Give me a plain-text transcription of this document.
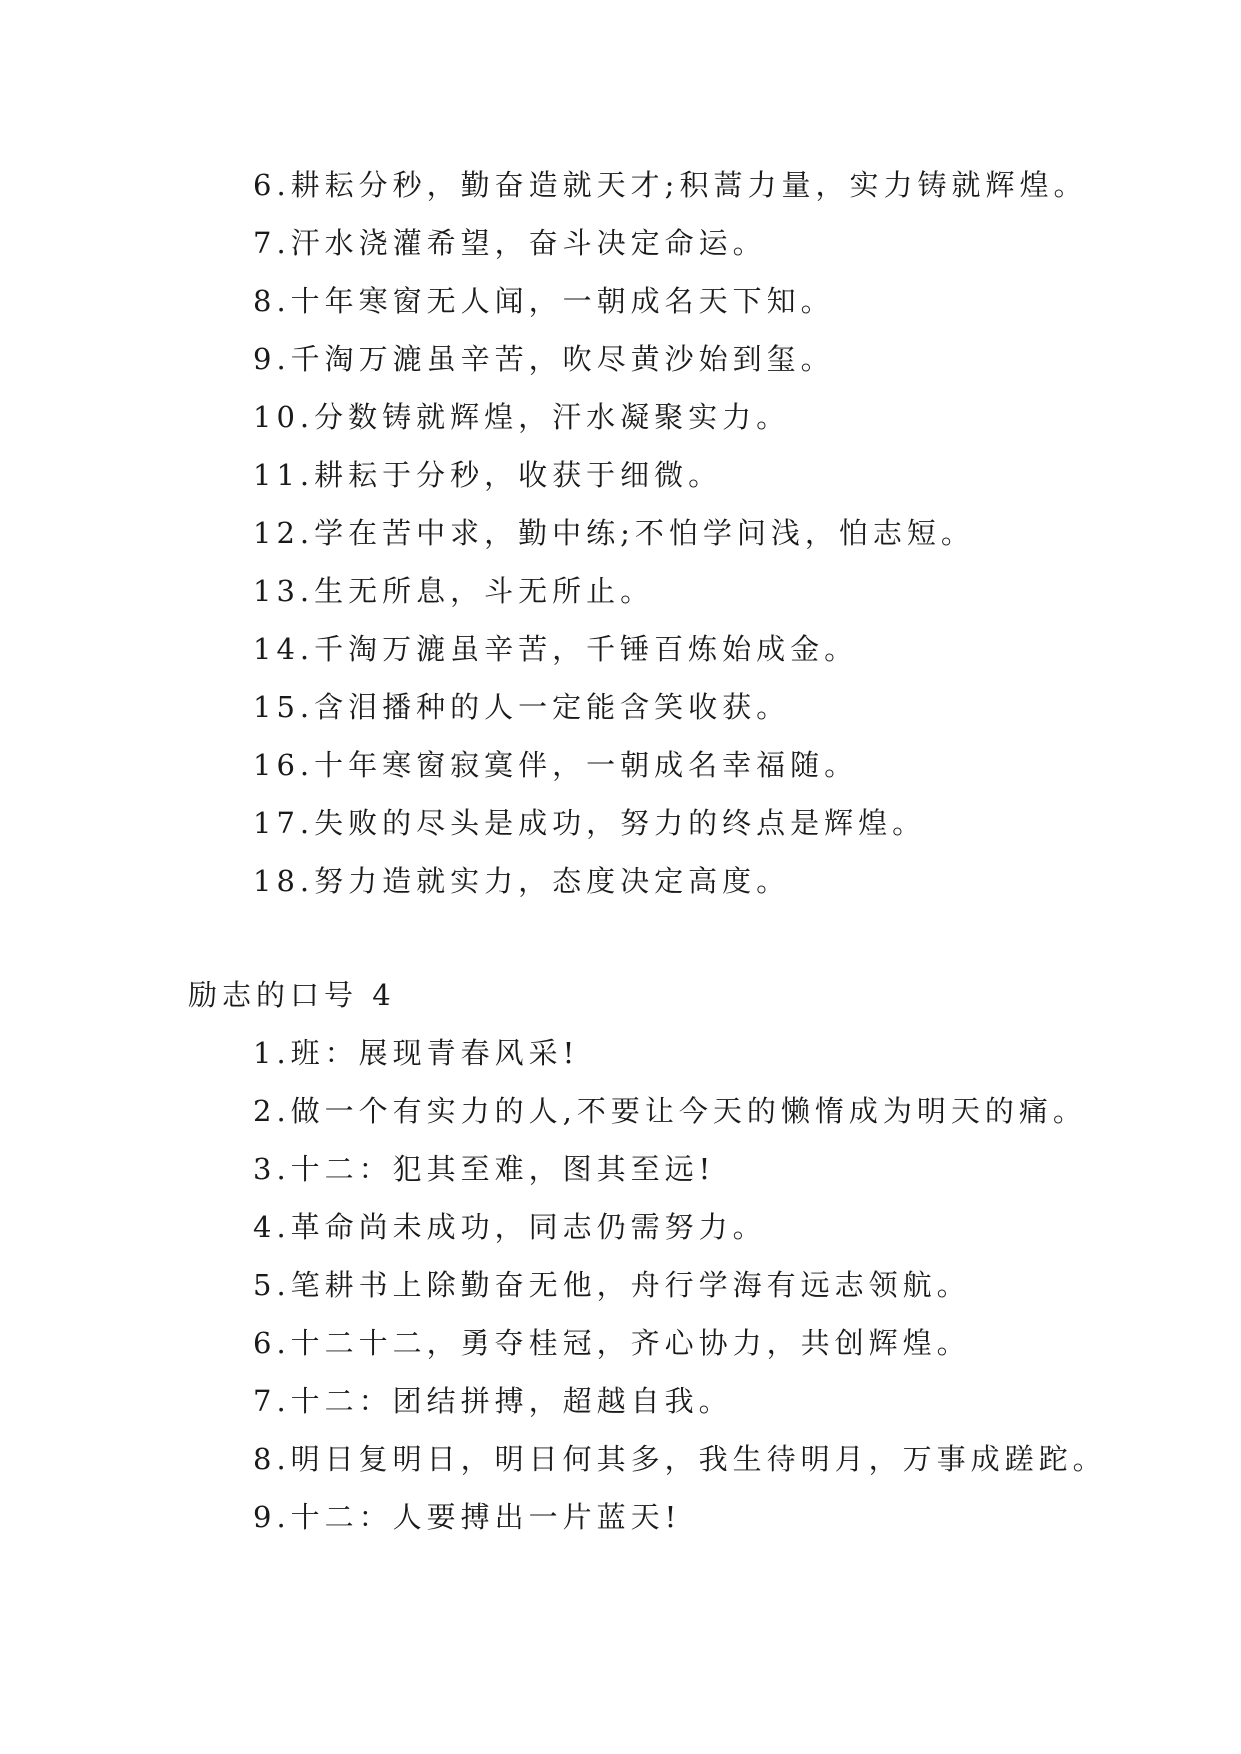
6.耕耘分秒，勤奋造就天才;积蒿力量，实力铸就辉煌。
7.汗水浇灌希望，奋斗决定命运。
8.十年寒窗无人闻，一朝成名天下知。
9.千淘万漉虽辛苦，吹尽黄沙始到玺。
10.分数铸就辉煌，汗水凝聚实力。
11.耕耘于分秒，收获于细微。
12.学在苦中求，勤中练;不怕学问浅，怕志短。
13.生无所息，斗无所止。
14.千淘万漉虽辛苦，千锤百炼始成金。
15.含泪播种的人一定能含笑收获。
16.十年寒窗寂寞伴，一朝成名幸福随。
17.失败的尽头是成功，努力的终点是辉煌。
18.努力造就实力，态度决定高度。
励志的口号 4
1.班：展现青春风采!
2.做一个有实力的人,不要让今天的懒惰成为明天的痛。
3.十二：犯其至难，图其至远!
4.革命尚未成功，同志仍需努力。
5.笔耕书上除勤奋无他，舟行学海有远志领航。
6.十二十二，勇夺桂冠，齐心协力，共创辉煌。
7.十二：团结拼搏，超越自我。
8.明日复明日，明日何其多，我生待明月，万事成蹉跎。
9.十二：人要搏出一片蓝天!
